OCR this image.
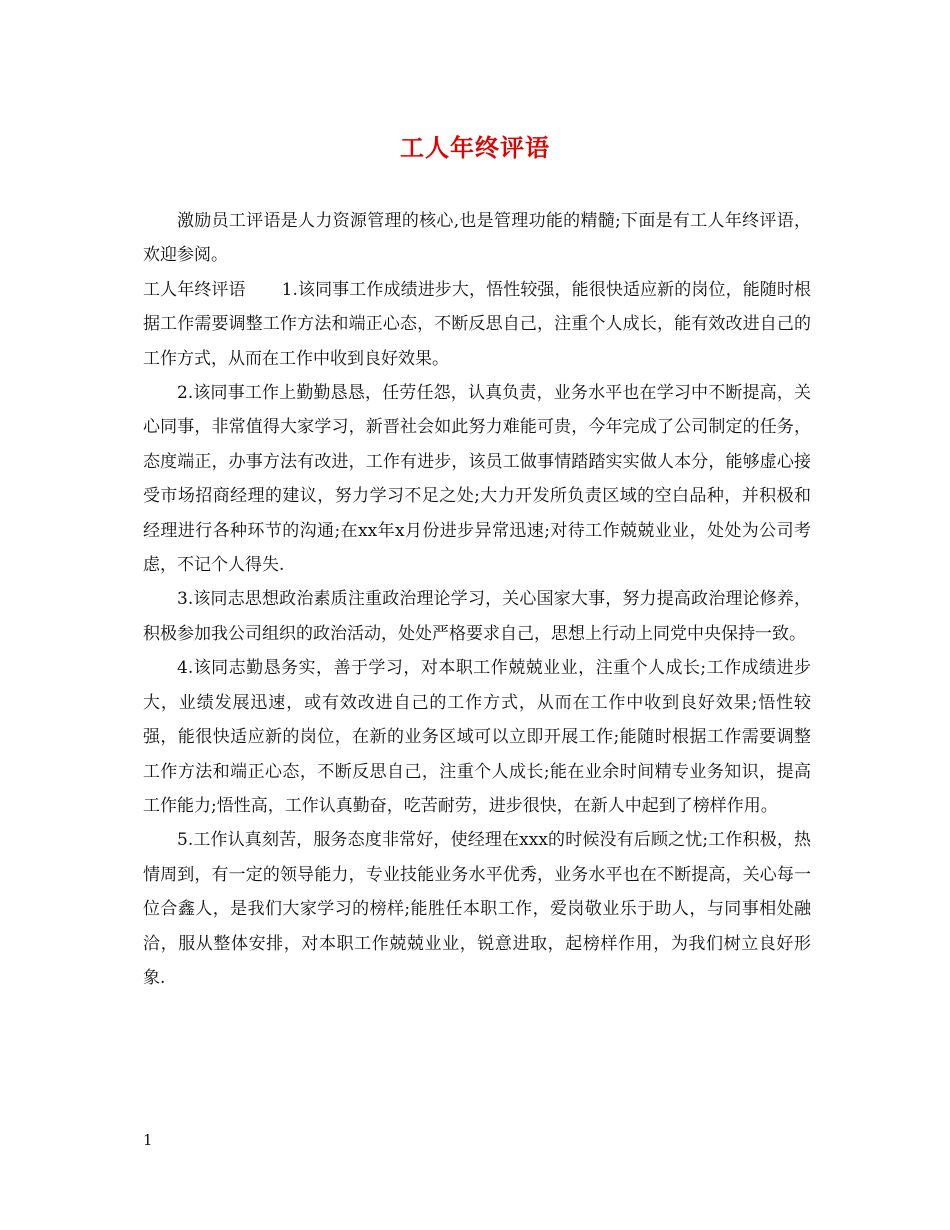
工人年终评语

激励员工评语是人力资源管理的核心,也是管理功能的精髓;下面是有工人年终评语，欢迎参阅。

工人年终评语 1.该同事工作成绩进步大，悟性较强，能很快适应新的岗位，能随时根据工作需要调整工作方法和端正心态，不断反思自己，注重个人成长，能有效改进自己的工作方式，从而在工作中收到良好效果。

2.该同事工作上勤勤恳恳，任劳任怨，认真负责，业务水平也在学习中不断提高，关心同事，非常值得大家学习，新晋社会如此努力难能可贵，今年完成了公司制定的任务，态度端正，办事方法有改进，工作有进步，该员工做事情踏踏实实做人本分，能够虚心接受市场招商经理的建议，努力学习不足之处;大力开发所负责区域的空白品种，并积极和经理进行各种环节的沟通;在xx年x月份进步异常迅速;对待工作兢兢业业，处处为公司考虑，不记个人得失.

3.该同志思想政治素质注重政治理论学习，关心国家大事，努力提高政治理论修养，积极参加我公司组织的政治活动，处处严格要求自己，思想上行动上同党中央保持一致。

4.该同志勤恳务实，善于学习，对本职工作兢兢业业，注重个人成长;工作成绩进步大，业绩发展迅速，或有效改进自己的工作方式，从而在工作中收到良好效果;悟性较强，能很快适应新的岗位，在新的业务区域可以立即开展工作;能随时根据工作需要调整工作方法和端正心态，不断反思自己，注重个人成长;能在业余时间精专业务知识，提高工作能力;悟性高，工作认真勤奋，吃苦耐劳，进步很快，在新人中起到了榜样作用。

5.工作认真刻苦，服务态度非常好，使经理在xxx的时候没有后顾之忧;工作积极，热情周到，有一定的领导能力，专业技能业务水平优秀，业务水平也在不断提高，关心每一位合鑫人，是我们大家学习的榜样;能胜任本职工作，爱岗敬业乐于助人，与同事相处融洽，服从整体安排，对本职工作兢兢业业，锐意进取，起榜样作用，为我们树立良好形象.

1
